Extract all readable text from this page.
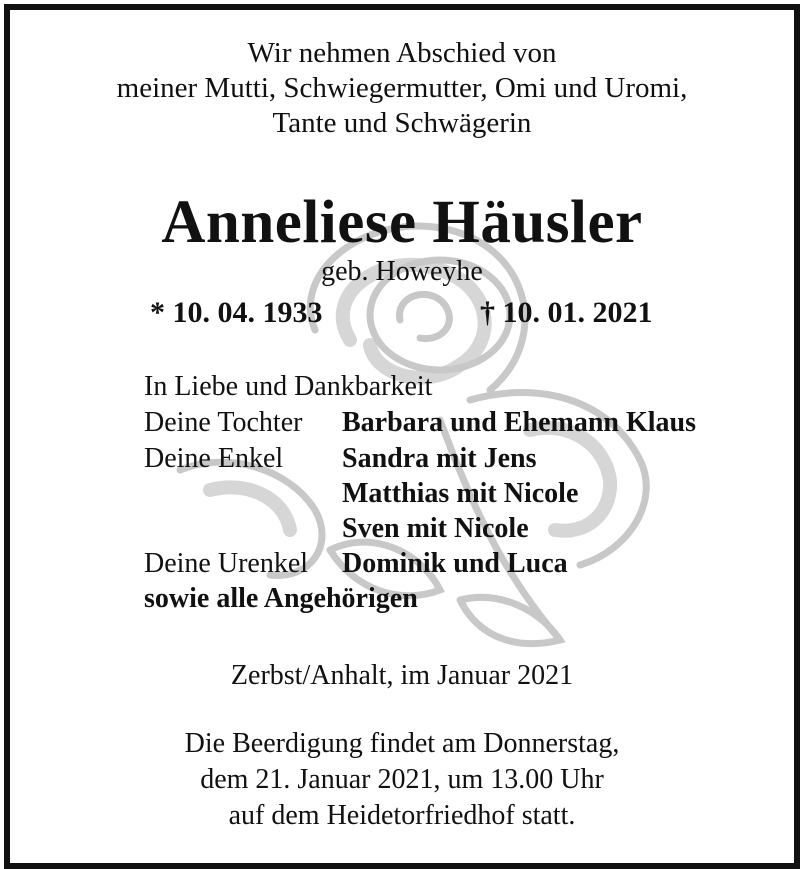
Wir nehmen Abschied von
meiner Mutti, Schwiegermutter, Omi und Uromi,
Tante und Schwägerin
Anneliese Häusler
geb. Howeyhe
* 10. 04. 1933	† 10. 01. 2021
In Liebe und Dankbarkeit
Deine Tochter Barbara und Ehemann Klaus
Deine Enkel Sandra mit Jens
Matthias mit Nicole
Sven mit Nicole
Deine Urenkel Dominik und Luca
sowie alle Angehörigen
Zerbst/Anhalt, im Januar 2021
Die Beerdigung findet am Donnerstag,
dem 21. Januar 2021, um 13.00 Uhr
auf dem Heidetorfriedhof statt.
